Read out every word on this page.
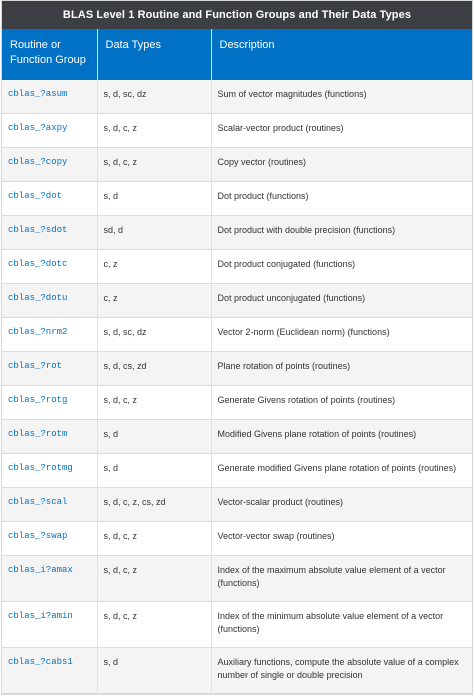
BLAS Level 1 Routine and Function Groups and Their Data Types
Routine or Function Group	Data Types	Description

cblas_?asum	s, d, sc, dz	Sum of vector magnitudes (functions)

cblas_?axpy	s, d, c, z	Scalar-vector product (routines)

cblas_?copy	s, d, c, z	Copy vector (routines)

cblas_?dot	s, d	Dot product (functions)

cblas_?sdot	sd, d	Dot product with double precision (functions)

cblas_?dotc	c, z	Dot product conjugated (functions)

cblas_?dotu	c, z	Dot product unconjugated (functions)

cblas_?nrm2	s, d, sc, dz	Vector 2-norm (Euclidean norm) (functions)

cblas_?rot	s, d, cs, zd	Plane rotation of points (routines)

cblas_?rotg	s, d, c, z	Generate Givens rotation of points (routines)

cblas_?rotm	s, d	Modified Givens plane rotation of points (routines)

cblas_?rotmg	s, d	Generate modified Givens plane rotation of points (routines)

cblas_?scal	s, d, c, z, cs, zd	Vector-scalar product (routines)

cblas_?swap	s, d, c, z	Vector-vector swap (routines)

cblas_i?amax	s, d, c, z	Index of the maximum absolute value element of a vector (functions)

cblas_i?amin	s, d, c, z	Index of the minimum absolute value element of a vector (functions)

cblas_?cabs1	s, d	Auxiliary functions, compute the absolute value of a complex number of single or double precision
